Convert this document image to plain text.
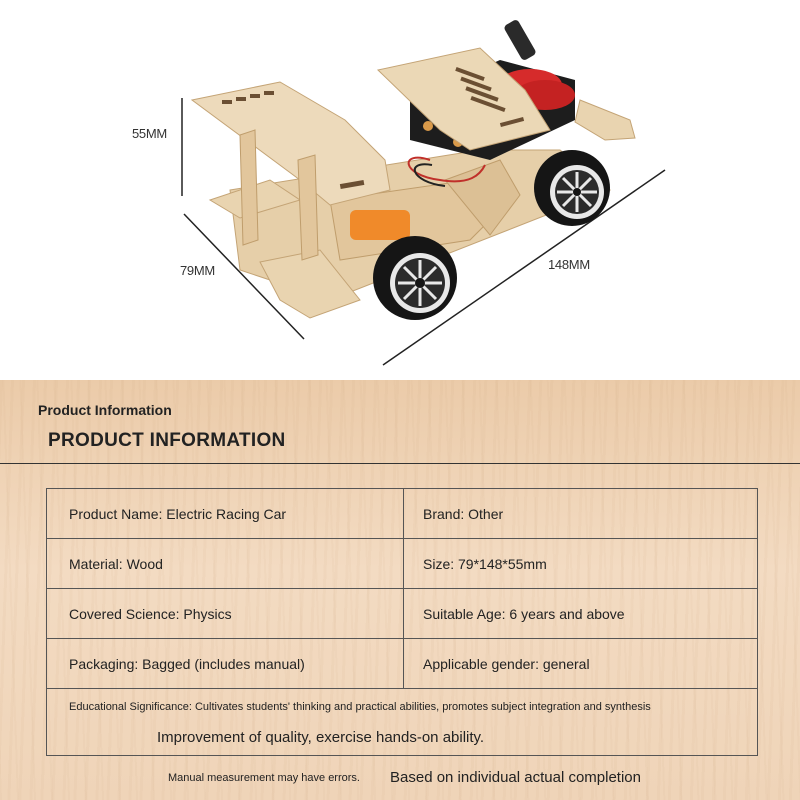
55MM
79MM	148MM
Product Information
PRODUCT INFORMATION
Product Name: Electric Racing Car	Brand: Other
Material: Wood	Size: 79*148*55mm
Covered Science: Physics	Suitable Age: 6 years and above
Packaging: Bagged (includes manual)	Applicable gender: general
Educational Significance: Cultivates students' thinking and practical abilities, promotes subject integration and synthesis
Improvement of quality, exercise hands-on ability.
Manual measurement may have errors. Based on individual actual completion
